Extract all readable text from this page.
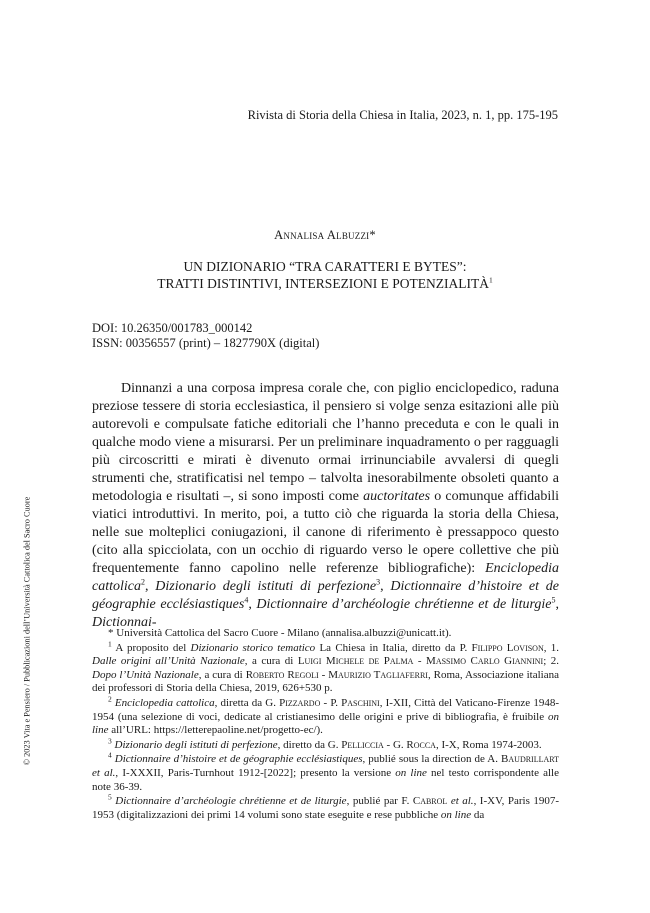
Rivista di Storia della Chiesa in Italia, 2023, n. 1, pp. 175-195
Annalisa Albuzzi*
UN DIZIONARIO “TRA CARATTERI E BYTES”:
TRATTI DISTINTIVI, INTERSEZIONI E POTENZIALITÀ$^1$
DOI: 10.26350/001783_000142
ISSN: 00356557 (print) – 1827790X (digital)

Dinnanzi a una corposa impresa corale che, con piglio enciclopedico, raduna preziose tessere di storia ecclesiastica, il pensiero si volge senza esitazioni alle più autorevoli e compulsate fatiche editoriali che l’hanno preceduta e con le quali in qualche modo viene a misurarsi. Per un preliminare inquadramento o per ragguagli più circoscritti e mirati è divenuto ormai irrinunciabile avvalersi di quegli strumenti che, stratificatisi nel tempo – talvolta inesorabilmente obsoleti quanto a metodologia e risultati –, si sono imposti come auctoritates o comunque affidabili viatici introduttivi. In merito, poi, a tutto ciò che riguarda la storia della Chiesa, nelle sue molteplici coniugazioni, il canone di riferimento è pressappoco questo (cito alla spicciolata, con un occhio di riguardo verso le opere collettive che più frequentemente fanno capolino nelle referenze bibliografiche): Enciclopedia cattolica$^2$, Dizionario degli istituti di perfezione$^3$, Dictionnaire d’histoire et de géographie ecclésiastiques$^4$, Dictionnaire d’archéologie chrétienne et de liturgie$^5$, Dictionnai-

* Università Cattolica del Sacro Cuore - Milano (annalisa.albuzzi@unicatt.it).

$^1$ A proposito del Dizionario storico tematico La Chiesa in Italia, diretto da P. Filippo Lovison, 1. Dalle origini all’Unità Nazionale, a cura di Luigi Michele de Palma - Massimo Carlo Giannini; 2. Dopo l’Unità Nazionale, a cura di Roberto Regoli - Maurizio Tagliaferri, Roma, Associazione italiana dei professori di Storia della Chiesa, 2019, 626+530 p.

$^2$ Enciclopedia cattolica, diretta da G. Pizzardo - P. Paschini, I-XII, Città del Vaticano-Firenze 1948-1954 (una selezione di voci, dedicate al cristianesimo delle origini e prive di bibliografia, è fruibile on line all’URL: https://letterepaoline.net/progetto-ec/).

$^3$ Dizionario degli istituti di perfezione, diretto da G. Pelliccia - G. Rocca, I-X, Roma 1974-2003.

$^4$ Dictionnaire d’histoire et de géographie ecclésiastiques, publié sous la direction de A. Baudrillart et al., I-XXXII, Paris-Turnhout 1912-[2022]; presento la versione on line nel testo corrispondente alle note 36-39.

$^5$ Dictionnaire d’archéologie chrétienne et de liturgie, publié par F. Cabrol et al., I-XV, Paris 1907-1953 (digitalizzazioni dei primi 14 volumi sono state eseguite e rese pubbliche on line da

© 2023 Vita e Pensiero / Pubblicazioni dell’Università Cattolica del Sacro Cuore
